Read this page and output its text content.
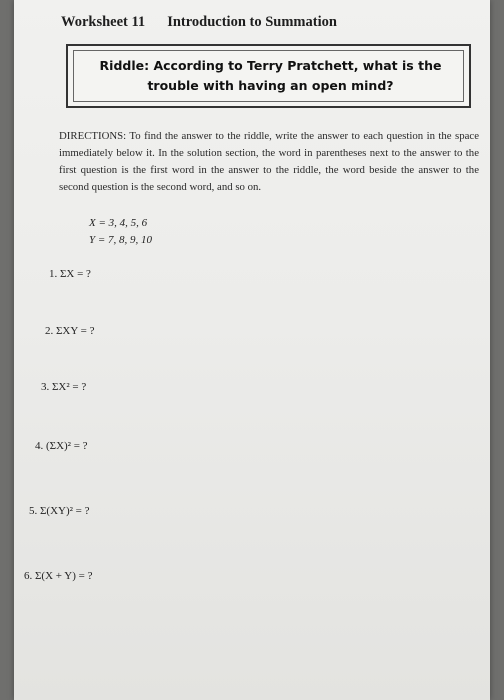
Worksheet 11 Introduction to Summation
Riddle: According to Terry Pratchett, what is the
trouble with having an open mind?
DIRECTIONS: To find the answer to the riddle, write the answer to each question in the space immediately below it. In the solution section, the word in parentheses next to the answer to the first question is the first word in the answer to the riddle, the word beside the answer to the second question is the second word, and so on.
X = 3, 4, 5, 6
Y = 7, 8, 9, 10
1. ΣX = ?
2. ΣXY = ?
3. ΣX² = ?
4. (ΣX)² = ?
5. Σ(XY)² = ?
6. Σ(X + Y) = ?
